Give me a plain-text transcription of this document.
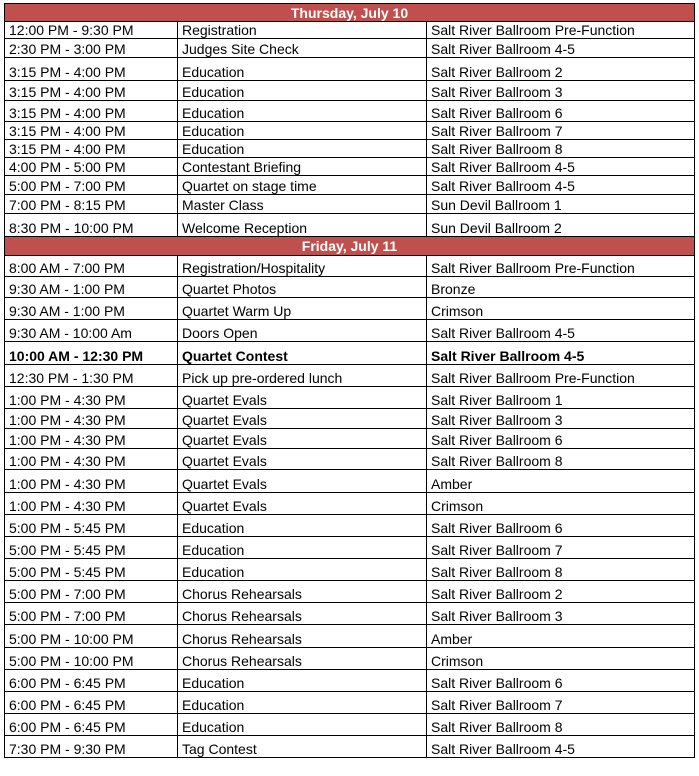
Thursday, July 10		
12:00 PM - 9:30 PM	Registration	Salt River Ballroom Pre-Function
2:30 PM - 3:00 PM	Judges Site Check	Salt River Ballroom 4-5
3:15 PM - 4:00 PM	Education	Salt River Ballroom 2
3:15 PM - 4:00 PM	Education	Salt River Ballroom 3
3:15 PM - 4:00 PM	Education	Salt River Ballroom 6
3:15 PM - 4:00 PM	Education	Salt River Ballroom 7
3:15 PM - 4:00 PM	Education	Salt River Ballroom 8
4:00 PM - 5:00 PM	Contestant Briefing	Salt River Ballroom 4-5
5:00 PM - 7:00 PM	Quartet on stage time	Salt River Ballroom 4-5
7:00 PM - 8:15 PM	Master Class	Sun Devil Ballroom 1
8:30 PM - 10:00 PM	Welcome Reception	Sun Devil Ballroom 2
Friday, July 11		
8:00 AM - 7:00 PM	Registration/Hospitality	Salt River Ballroom Pre-Function
9:30 AM - 1:00 PM	Quartet Photos	Bronze
9:30 AM - 1:00 PM	Quartet Warm Up	Crimson
9:30 AM - 10:00 Am	Doors Open	Salt River Ballroom 4-5
10:00 AM - 12:30 PM	Quartet Contest	Salt River Ballroom 4-5
12:30 PM - 1:30 PM	Pick up pre-ordered lunch	Salt River Ballroom Pre-Function
1:00 PM - 4:30 PM	Quartet Evals	Salt River Ballroom 1
1:00 PM - 4:30 PM	Quartet Evals	Salt River Ballroom 3
1:00 PM - 4:30 PM	Quartet Evals	Salt River Ballroom 6
1:00 PM - 4:30 PM	Quartet Evals	Salt River Ballroom 8
1:00 PM - 4:30 PM	Quartet Evals	Amber
1:00 PM - 4:30 PM	Quartet Evals	Crimson
5:00 PM - 5:45 PM	Education	Salt River Ballroom 6
5:00 PM - 5:45 PM	Education	Salt River Ballroom 7
5:00 PM - 5:45 PM	Education	Salt River Ballroom 8
5:00 PM - 7:00 PM	Chorus Rehearsals	Salt River Ballroom 2
5:00 PM - 7:00 PM	Chorus Rehearsals	Salt River Ballroom 3
5:00 PM - 10:00 PM	Chorus Rehearsals	Amber
5:00 PM - 10:00 PM	Chorus Rehearsals	Crimson
6:00 PM - 6:45 PM	Education	Salt River Ballroom 6
6:00 PM - 6:45 PM	Education	Salt River Ballroom 7
6:00 PM - 6:45 PM	Education	Salt River Ballroom 8
7:30 PM - 9:30 PM	Tag Contest	Salt River Ballroom 4-5
